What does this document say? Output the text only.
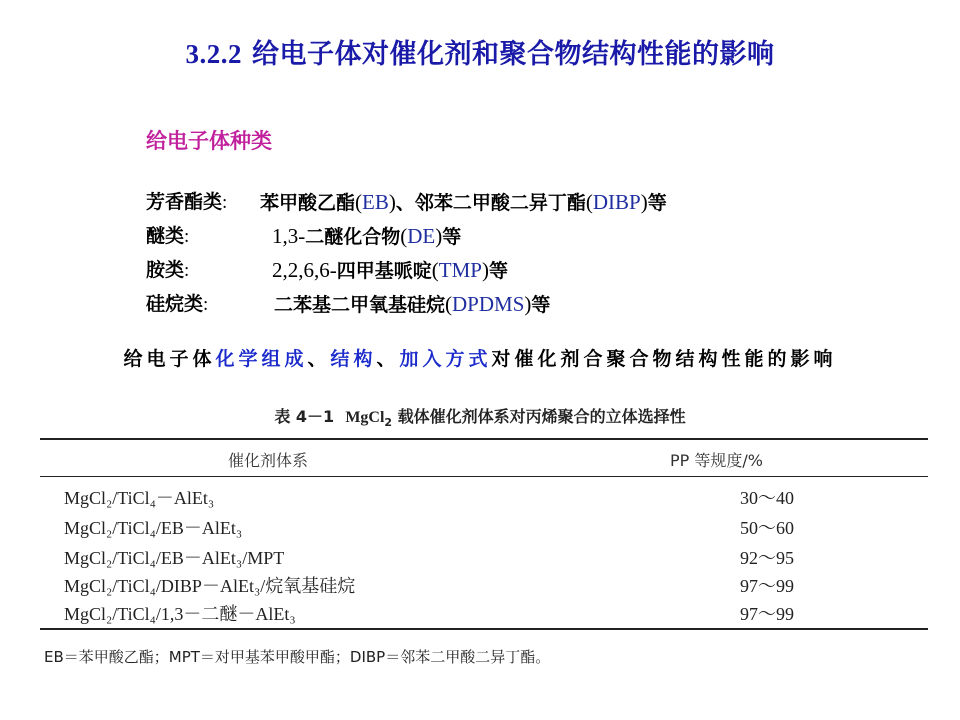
3.2.2 给电子体对催化剂和聚合物结构性能的影响
给电子体种类
芳香酯类: 苯甲酸乙酯(EB)、邻苯二甲酸二异丁酯(DIBP)等
醚类:	1,3-二醚化合物(DE)等
胺类:	2,2,6,6-四甲基哌啶(TMP)等
硅烷类:	二苯基二甲氧基硅烷(DPDMS)等
给电子体化学组成、结构、加入方式对催化剂合聚合物结构性能的影响
表 4－1 MgCl$_2$ 载体催化剂体系对丙烯聚合的立体选择性
催化剂体系	PP 等规度/%
MgCl₂/TiCl₄－AlEt₃	30～40
MgCl₂/TiCl₄/EB－AlEt₃	50～60
MgCl₂/TiCl₄/EB－AlEt₃/MPT	92～95
MgCl₂/TiCl₄/DIBP－AlEt₃/烷氧基硅烷	97～99
MgCl₂/TiCl₄/1,3－二醚－AlEt₃	97～99
EB＝苯甲酸乙酯；MPT＝对甲基苯甲酸甲酯；DIBP＝邻苯二甲酸二异丁酯。
